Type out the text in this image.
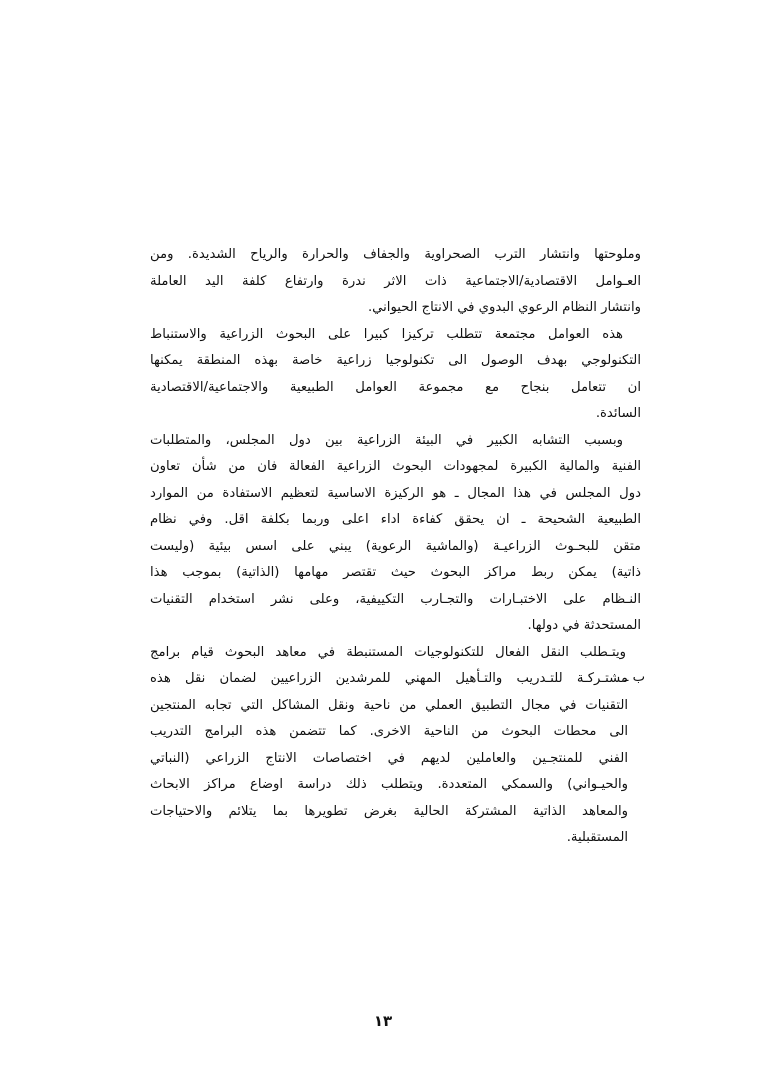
ب ـ
١٣
وملوحتها وانتشار الترب الصحراوية والجفاف والحرارة والرياح الشديدة. ومن
العـوامل الاقتصادية/الاجتماعية ذات الاثر ندرة وارتفاع كلفة اليد العاملة
وانتشار النظام الرعوي البدوي في الانتاج الحيواني.
هذه العوامل مجتمعة تتطلب تركيزا كبيرا على البحوث الزراعية والاستنباط
التكنولوجي بهدف الوصول الى تكنولوجيا زراعية خاصة بهذه المنطقة يمكنها
ان تتعامل بنجاح مع مجموعة العوامل الطبيعية والاجتماعية/الاقتصادية
السائدة.
وبسبب التشابه الكبير في البيئة الزراعية بين دول المجلس، والمتطلبات
الفنية والمالية الكبيرة لمجهودات البحوث الزراعية الفعالة فان من شأن تعاون
دول المجلس في هذا المجال ـ هو الركيزة الاساسية لتعظيم الاستفادة من الموارد
الطبيعية الشحيحة ـ ان يحقق كفاءة اداء اعلى وربما بكلفة اقل. وفي نظام
متقن للبحـوث الزراعيـة (والماشية الرعوية) يبني على اسس بيئية (وليست
ذاتية) يمكن ربط مراكز البحوث حيث تقتصر مهامها (الذاتية) بموجب هذا
النـظام على الاختبـارات والتجـارب التكييفية، وعلى نشر استخدام التقنيات
المستحدثة في دولها.
ويتـطلب النقل الفعال للتكنولوجيات المستنبطة في معاهد البحوث قيام برامج
مشتـركـة للتـدريب والتـأهيل المهني للمرشدين الزراعيين لضمان نقل هذه
التقنيات في مجال التطبيق العملي من ناحية ونقل المشاكل التي تجابه المنتجين
الى محطات البحوث من الناحية الاخرى. كما تتضمن هذه البرامج التدريب
الفني للمنتجـين والعاملين لديهم في اختصاصات الانتاج الزراعي (النباتي
والحيـواني) والسمكي المتعددة. ويتطلب ذلك دراسة اوضاع مراكز الابحاث
والمعاهد الذاتية المشتركة الحالية بغرض تطويرها بما يتلائم والاحتياجات
المستقبلية.
